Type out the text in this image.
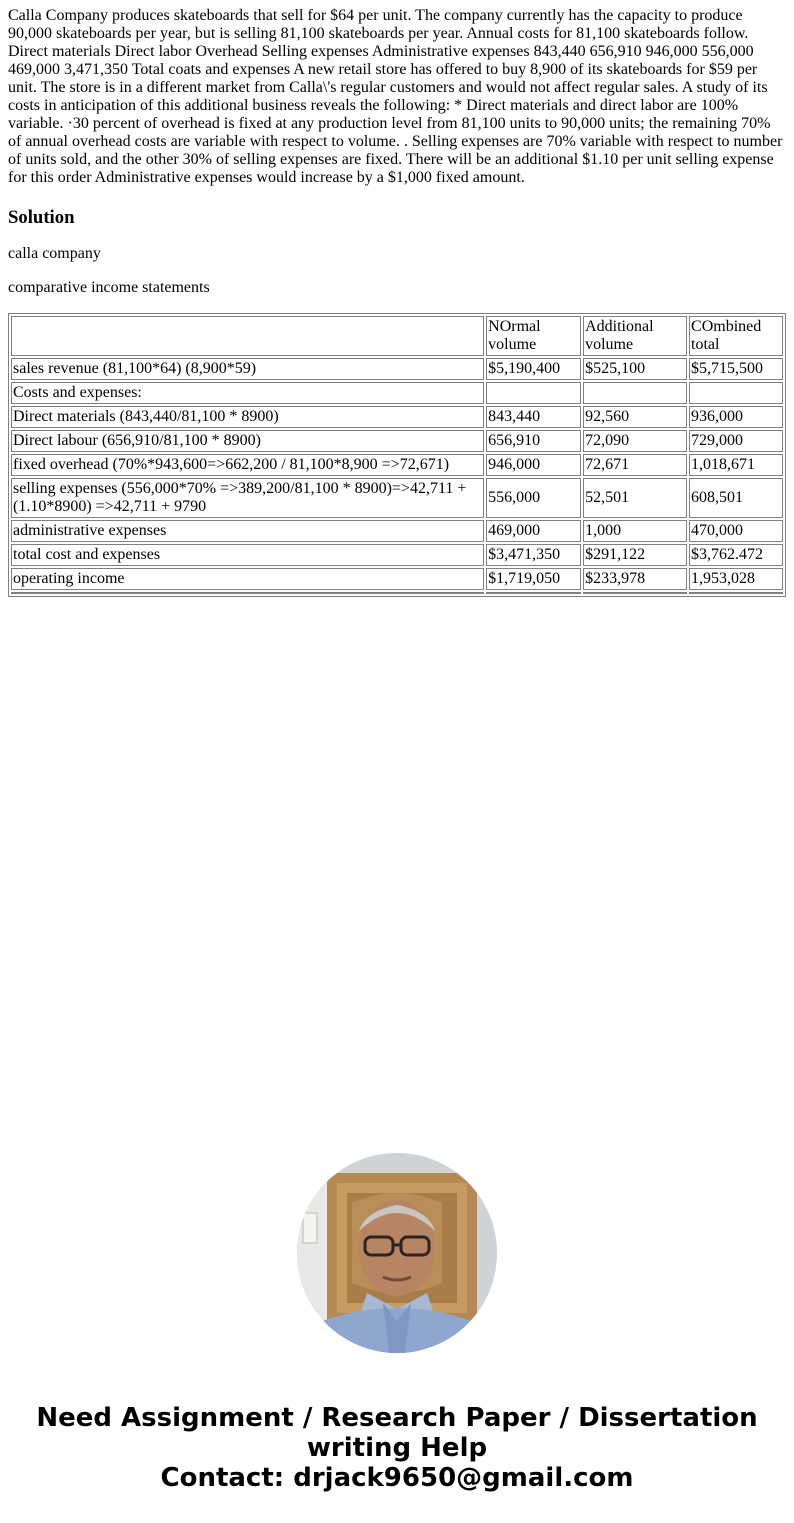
Calla Company produces skateboards that sell for $64 per unit. The company currently has the capacity to produce 90,000 skateboards per year, but is selling 81,100 skateboards per year. Annual costs for 81,100 skateboards follow. Direct materials Direct labor Overhead Selling expenses Administrative expenses 843,440 656,910 946,000 556,000 469,000 3,471,350 Total coats and expenses A new retail store has offered to buy 8,900 of its skateboards for $59 per unit. The store is in a different market from Calla\'s regular customers and would not affect regular sales. A study of its costs in anticipation of this additional business reveals the following: * Direct materials and direct labor are 100% variable. ·30 percent of overhead is fixed at any production level from 81,100 units to 90,000 units; the remaining 70% of annual overhead costs are variable with respect to volume. . Selling expenses are 70% variable with respect to number of units sold, and the other 30% of selling expenses are fixed. There will be an additional $1.10 per unit selling expense for this order Administrative expenses would increase by a $1,000 fixed amount.

Solution

calla company

comparative income statements

	NOrmal volume	Additional volume	COmbined total
sales revenue (81,100*64) (8,900*59)	$5,190,400	$525,100	$5,715,500
Costs and expenses:			
Direct materials (843,440/81,100 * 8900)	843,440	92,560	936,000
Direct labour (656,910/81,100 * 8900)	656,910	72,090	729,000
fixed overhead (70%*943,600=>662,200 / 81,100*8,900 =>72,671)	946,000	72,671	1,018,671
selling expenses (556,000*70% =>389,200/81,100 * 8900)=>42,711 + (1.10*8900) =>42,711 + 9790	556,000	52,501	608,501
administrative expenses	469,000	1,000	470,000
total cost and expenses	$3,471,350	$291,122	$3,762.472
operating income	$1,719,050	$233,978	1,953,028

Need Assignment / Research Paper / Dissertation
writing Help
Contact: drjack9650@gmail.com
